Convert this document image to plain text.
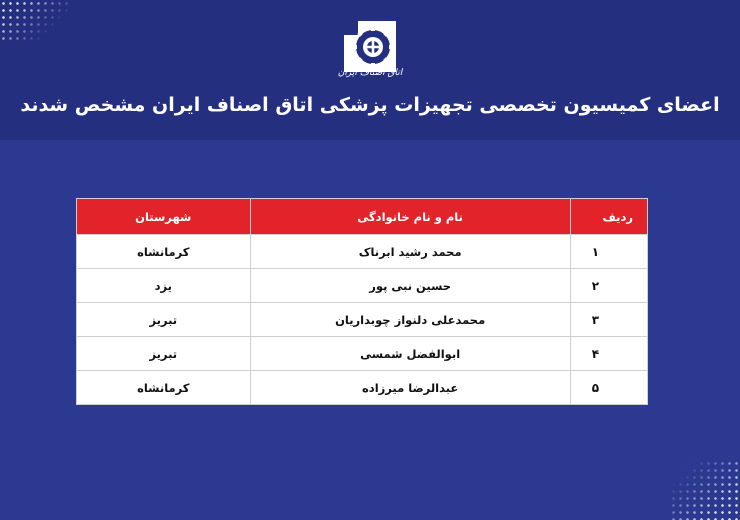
اتاق اصناف ایران
اعضای کمیسیون تخصصی تجهیزات پزشکی اتاق اصناف ایران مشخص شدند
ردیف	نام و نام خانوادگی	شهرستان
۱	محمد رشید ابرناک	کرمانشاه
۲	حسین نبی پور	یزد
۳	محمدعلی دلنواز چوبداریان	تبریز
۴	ابوالفضل شمسی	تبریز
۵	عبدالرضا میرزاده	کرمانشاه
